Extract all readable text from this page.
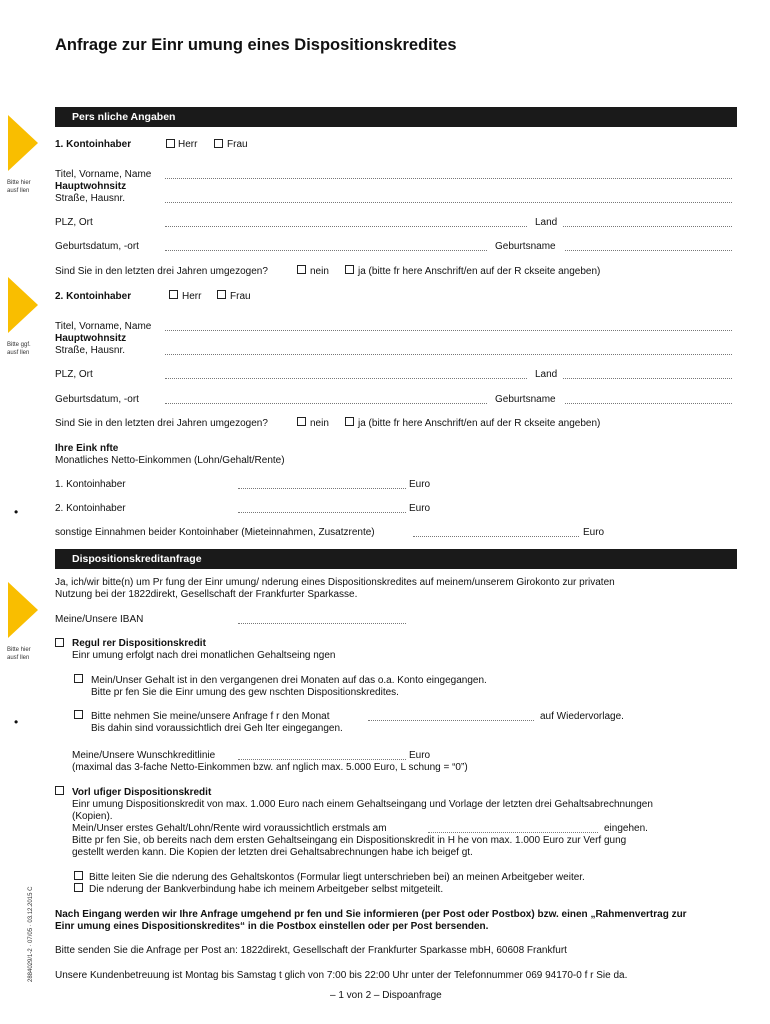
Anfrage zur Einr umung eines Dispositionskredites
Pers nliche Angaben
Bitte hier
ausf llen
Bitte ggf.
ausf llen
Bitte hier
ausf llen
•
•
1. Kontoinhaber	Herr	Frau
Titel, Vorname, Name
Hauptwohnsitz
Straße, Hausnr.
PLZ, Ort	Land
Geburtsdatum, -ort	Geburtsname
Sind Sie in den letzten drei Jahren umgezogen?	nein	ja (bitte fr here Anschrift/en auf der R ckseite angeben)
2. Kontoinhaber	Herr	Frau
Titel, Vorname, Name
Hauptwohnsitz
Straße, Hausnr.
PLZ, Ort	Land
Geburtsdatum, -ort	Geburtsname
Sind Sie in den letzten drei Jahren umgezogen?	nein	ja (bitte fr here Anschrift/en auf der R ckseite angeben)
Ihre Eink nfte
Monatliches Netto-Einkommen (Lohn/Gehalt/Rente)
1. Kontoinhaber	Euro
2. Kontoinhaber	Euro
sonstige Einnahmen beider Kontoinhaber (Mieteinnahmen, Zusatzrente)	Euro
Dispositionskreditanfrage
Ja, ich/wir bitte(n) um Pr fung der Einr umung/ nderung eines Dispositionskredites auf meinem/unserem Girokonto zur privaten
Nutzung bei der 1822direkt, Gesellschaft der Frankfurter Sparkasse.
Meine/Unsere IBAN
Regul rer Dispositionskredit
Einr umung erfolgt nach drei monatlichen Gehaltseing ngen
Mein/Unser Gehalt ist in den vergangenen drei Monaten auf das o.a. Konto eingegangen.
Bitte pr fen Sie die Einr umung des gew nschten Dispositionskredites.
Bitte nehmen Sie meine/unsere Anfrage f r den Monat	auf Wiedervorlage.
Bis dahin sind voraussichtlich drei Geh lter eingegangen.
Meine/Unsere Wunschkreditlinie	Euro
(maximal das 3-fache Netto-Einkommen bzw. anf nglich max. 5.000 Euro, L schung = “0”)
Vorl ufiger Dispositionskredit
Einr umung Dispositionskredit von max. 1.000 Euro nach einem Gehaltseingang und Vorlage der letzten drei Gehaltsabrechnungen
(Kopien).
Mein/Unser erstes Gehalt/Lohn/Rente wird voraussichtlich erstmals am	eingehen.
Bitte pr fen Sie, ob bereits nach dem ersten Gehaltseingang ein Dispositionskredit in H he von max. 1.000 Euro zur Verf gung
gestellt werden kann. Die Kopien der letzten drei Gehaltsabrechnungen habe ich beigef gt.
Bitte leiten Sie die nderung des Gehaltskontos (Formular liegt unterschrieben bei) an meinen Arbeitgeber weiter.
Die nderung der Bankverbindung habe ich meinem Arbeitgeber selbst mitgeteilt.
Nach Eingang werden wir Ihre Anfrage umgehend pr fen und Sie informieren (per Post oder Postbox) bzw. einen „Rahmenvertrag zur
Einr umung eines Dispositionskredites“ in die Postbox einstellen oder per Post bersenden.
Bitte senden Sie die Anfrage per Post an: 1822direkt, Gesellschaft der Frankfurter Sparkasse mbH, 60608 Frankfurt
Unsere Kundenbetreuung ist Montag bis Samstag t glich von 7:00 bis 22:00 Uhr unter der Telefonnummer 069 94170-0 f r Sie da.
– 1 von 2 – Dispoanfrage
2884029/1-2 · 07/05 · 03.12.2015 C
